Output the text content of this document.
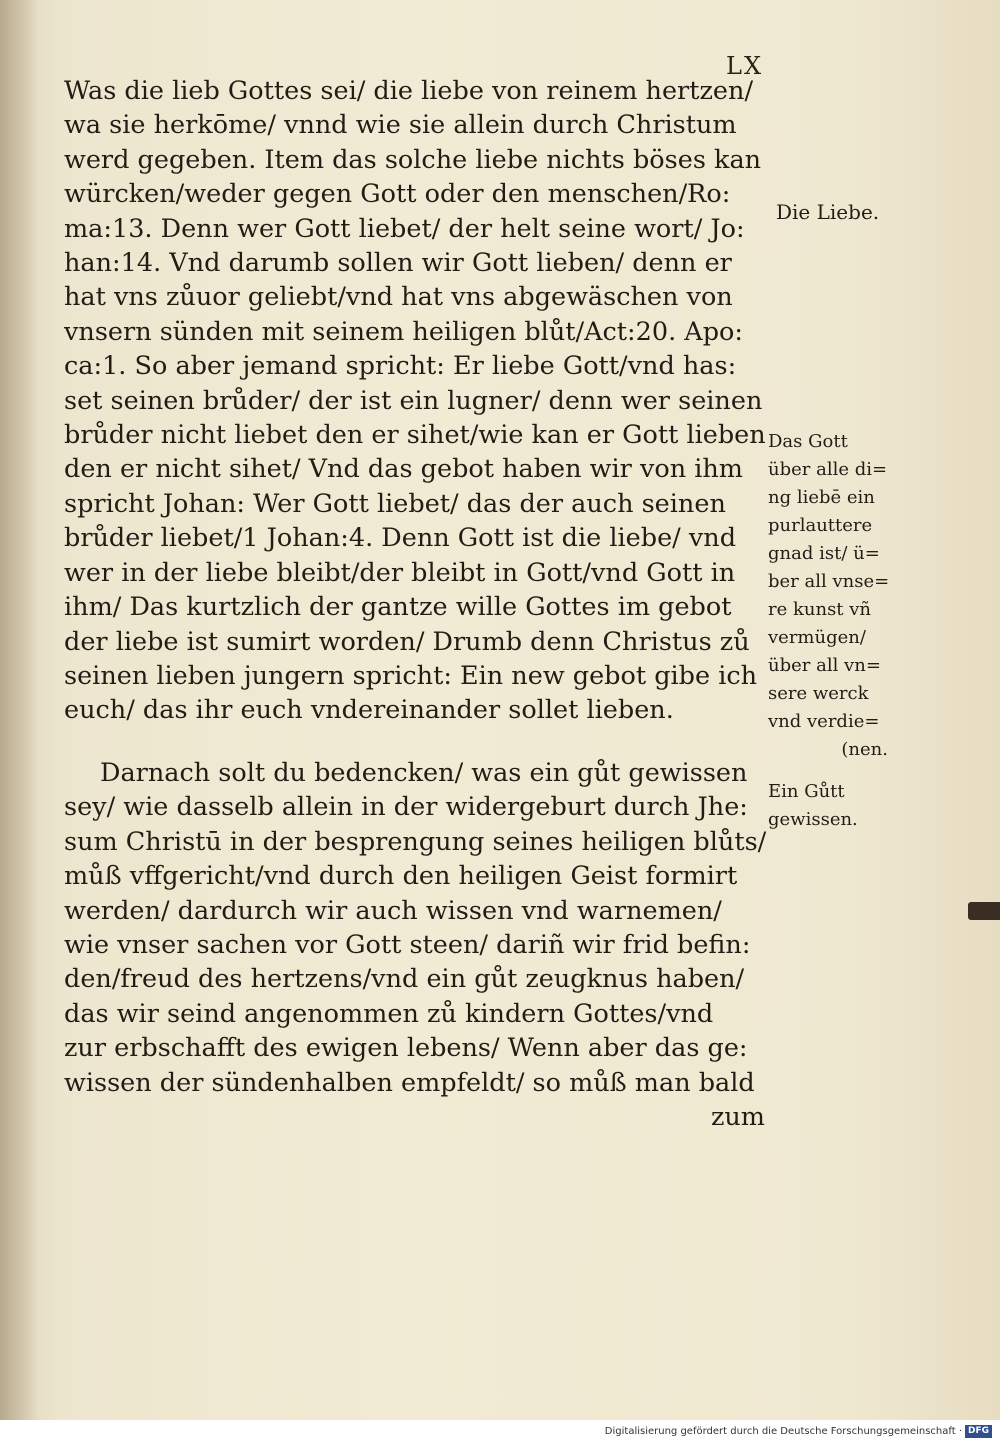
LX
Was die lieb Gottes sei/ die liebe von reinem hertzen/
wa sie herkōme/ vnnd wie sie allein durch Christum
werd gegeben. Item das solche liebe nichts böses kan
würcken/weder gegen Gott oder den menschen/Ro:
ma:13. Denn wer Gott liebet/ der helt seine wort/ Jo:
han:14. Vnd darumb sollen wir Gott lieben/ denn er
hat vns zůuor geliebt/vnd hat vns abgewäschen von
vnsern sünden mit seinem heiligen blůt/Act:20. Apo:
ca:1. So aber jemand spricht: Er liebe Gott/vnd has:
set seinen brůder/ der ist ein lugner/ denn wer seinen
brůder nicht liebet den er sihet/wie kan er Gott lieben
den er nicht sihet/ Vnd das gebot haben wir von ihm
spricht Johan: Wer Gott liebet/ das der auch seinen
brůder liebet/1 Johan:4. Denn Gott ist die liebe/ vnd
wer in der liebe bleibt/der bleibt in Gott/vnd Gott in
ihm/ Das kurtzlich der gantze wille Gottes im gebot
der liebe ist sumirt worden/ Drumb denn Christus zů
seinen lieben jungern spricht: Ein new gebot gibe ich
euch/ das ihr euch vndereinander sollet lieben.
Darnach solt du bedencken/ was ein gůt gewissen
sey/ wie dasselb allein in der widergeburt durch Jhe:
sum Christū in der besprengung seines heiligen blůts/
můß vffgericht/vnd durch den heiligen Geist formirt
werden/ dardurch wir auch wissen vnd warnemen/
wie vnser sachen vor Gott steen/ dariñ wir frid befin:
den/freud des hertzens/vnd ein gůt zeugknus haben/
das wir seind angenommen zů kindern Gottes/vnd
zur erbschafft des ewigen lebens/ Wenn aber das ge:
wissen der sündenhalben empfeldt/ so můß man bald
zum
Die Liebe.
Das Gott
über alle di=
ng liebē ein
purlauttere
gnad ist/ ü=
ber all vnse=
re kunst vñ
vermügen/
über all vn=
sere werck
vnd verdie=
(nen.
Ein Gůtt
gewissen.
Digitalisierung gefördert durch die Deutsche Forschungsgemeinschaft · DFG
